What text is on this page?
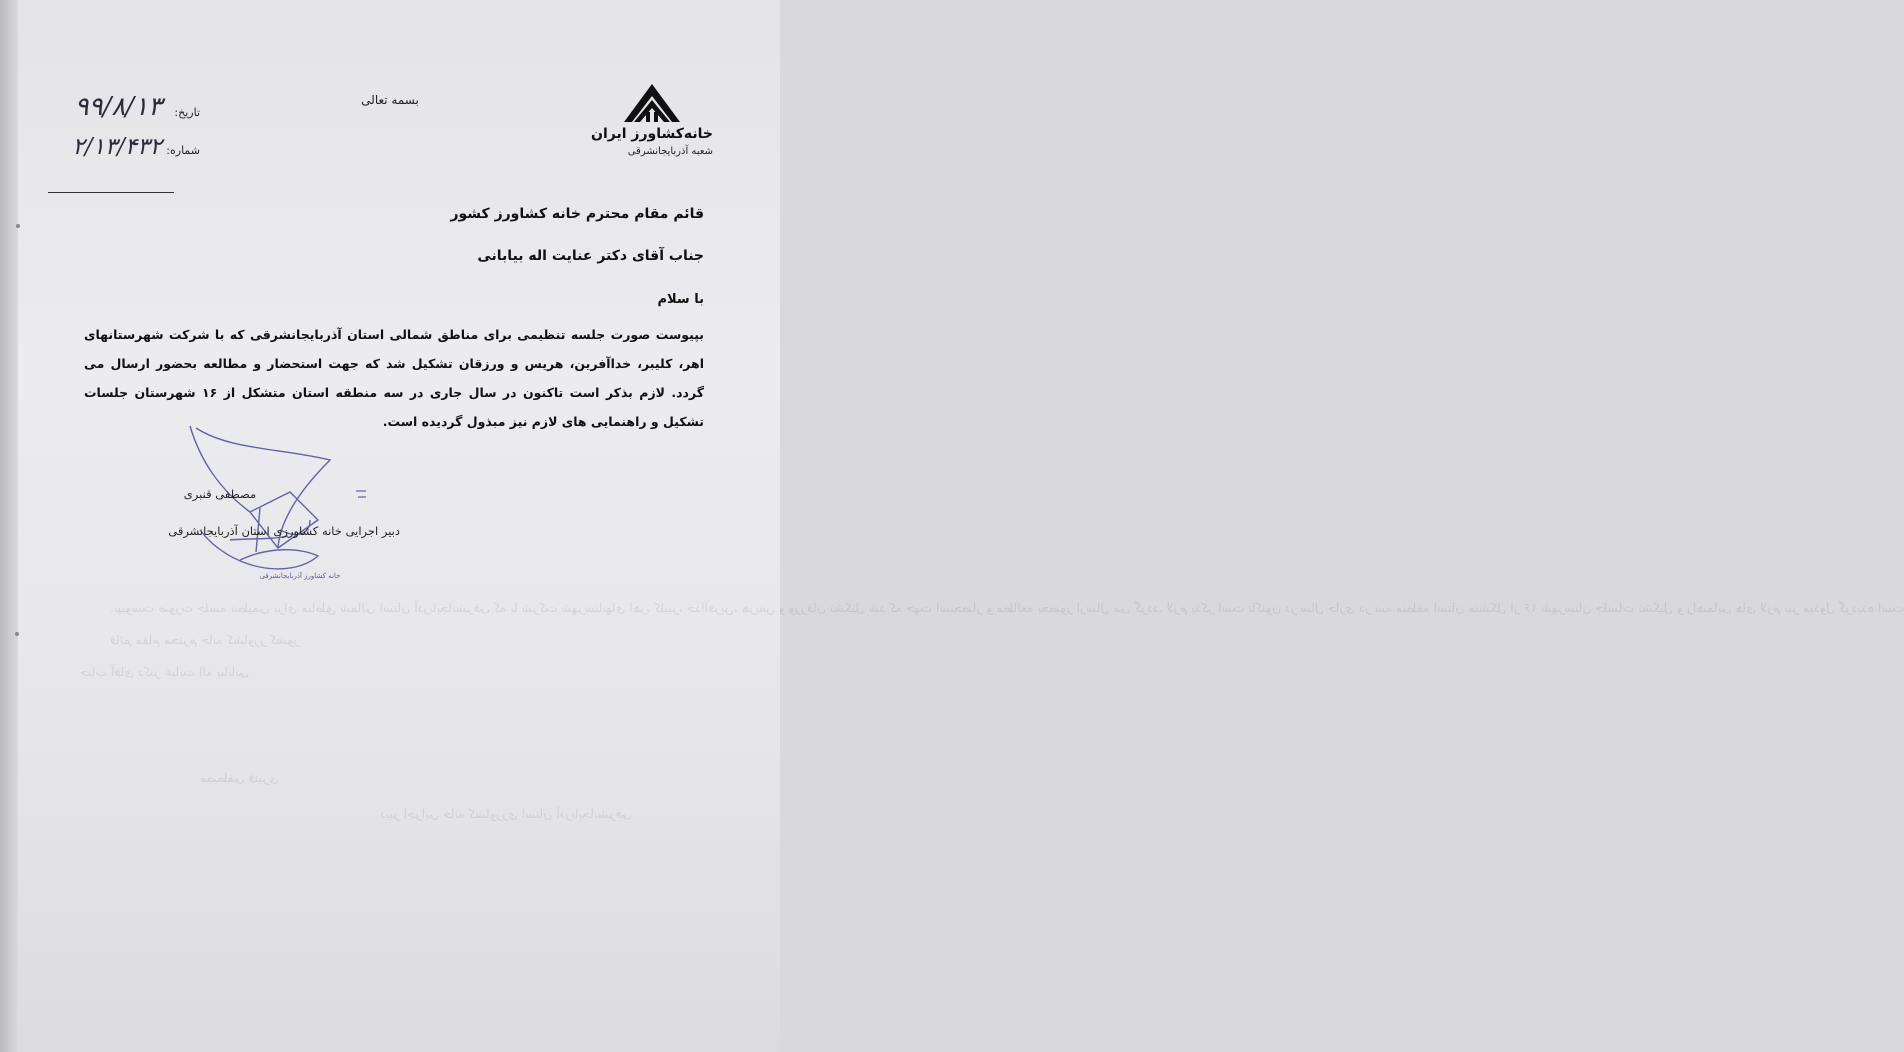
بپیوست صورت جلسه تنظیمی برای مناطق شمالی استان آذربایجانشرقی که با شرکت شهرستانهای اهر، کلیبر، خداآفرین، هریس و ورزقان تشکیل شد که جهت استحضار و مطالعه بحضور ارسال می گردد. لازم بذکر است تاکنون در سال جاری در سه منطقه استان متشکل از ۱۶ شهرستان جلسات تشکیل و راهنمایی های لازم نیز مبذول گردیده است.
قائم مقام محترم خانه کشاورز کشور
جناب آقای دکتر عنایت اله بیابانی
مصطفی قنبری
دبیر اجرایی خانه کشاورزی استان آذربایجانشرقی
بسمه تعالی
خانه‌کشاورز ایران
شعبه آذربایجانشرقی
تاریخ:
۹۹/۸/۱۳
شماره:
۲/۱۳/۴۳۲
قائم مقام محترم خانه کشاورز کشور
جناب آقای دکتر عنایت اله بیابانی
با سلام
بپیوست صورت جلسه تنظیمی برای مناطق شمالی استان آذربایجانشرقی که با شرکت شهرستانهای اهر، کلیبر، خداآفرین، هریس و ورزقان تشکیل شد که جهت استحضار و مطالعه بحضور ارسال می گردد. لازم بذکر است تاکنون در سال جاری در سه منطقه استان متشکل از ۱۶ شهرستان جلسات تشکیل و راهنمایی های لازم نیز مبذول گردیده است.
خانه کشاورز آذربایجانشرقی
مصطفی قنبری
دبیر اجرایی خانه کشاورزی استان آذربایجانشرقی
